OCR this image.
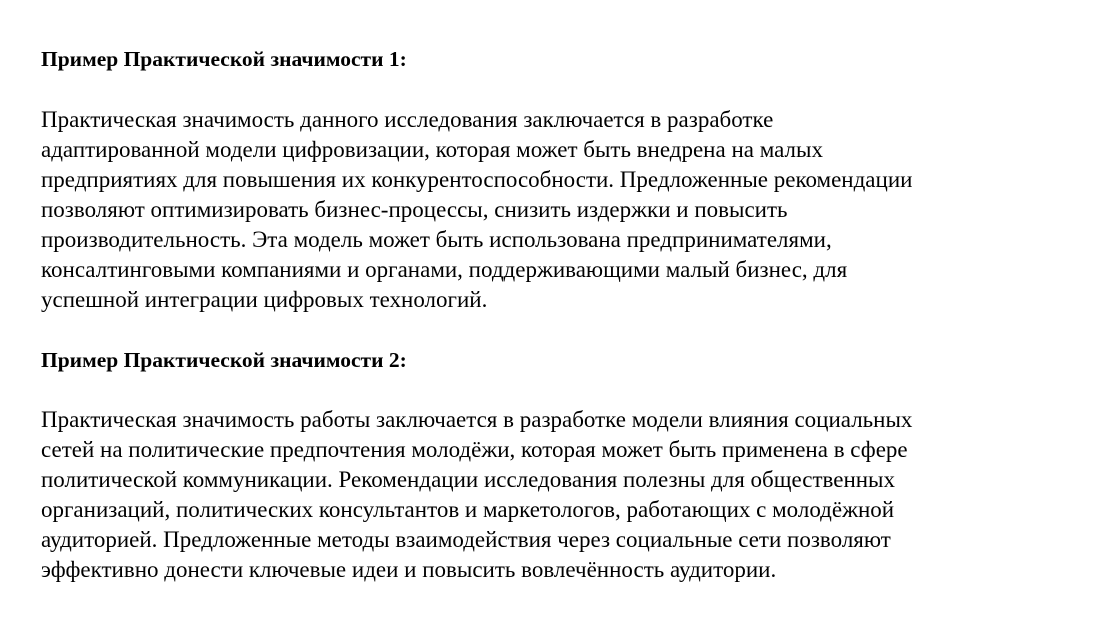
Пример Практической значимости 1:

Практическая значимость данного исследования заключается в разработке
адаптированной модели цифровизации, которая может быть внедрена на малых
предприятиях для повышения их конкурентоспособности. Предложенные рекомендации
позволяют оптимизировать бизнес-процессы, снизить издержки и повысить
производительность. Эта модель может быть использована предпринимателями,
консалтинговыми компаниями и органами, поддерживающими малый бизнес, для
успешной интеграции цифровых технологий.

Пример Практической значимости 2:

Практическая значимость работы заключается в разработке модели влияния социальных
сетей на политические предпочтения молодёжи, которая может быть применена в сфере
политической коммуникации. Рекомендации исследования полезны для общественных
организаций, политических консультантов и маркетологов, работающих с молодёжной
аудиторией. Предложенные методы взаимодействия через социальные сети позволяют
эффективно донести ключевые идеи и повысить вовлечённость аудитории.
